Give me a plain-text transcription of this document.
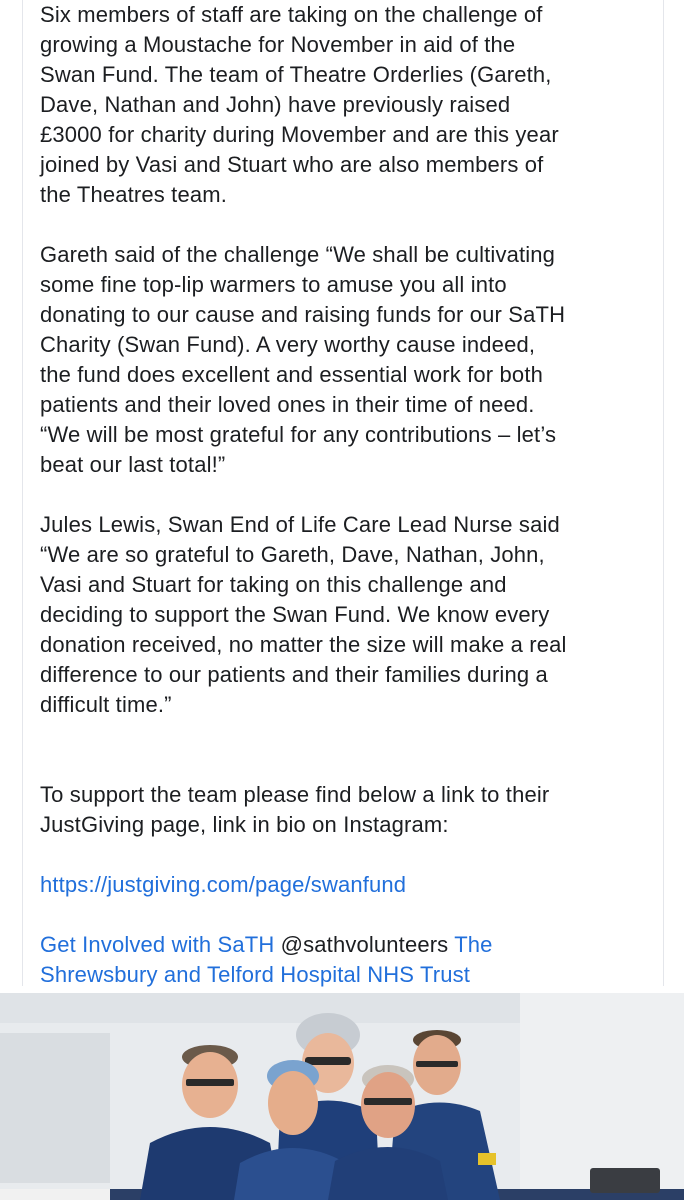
Six members of staff are taking on the challenge of
growing a Moustache for November in aid of the
Swan Fund. The team of Theatre Orderlies (Gareth,
Dave, Nathan and John) have previously raised
£3000 for charity during Movember and are this year
joined by Vasi and Stuart who are also members of
the Theatres team.

Gareth said of the challenge “We shall be cultivating
some fine top-lip warmers to amuse you all into
donating to our cause and raising funds for our SaTH
Charity (Swan Fund). A very worthy cause indeed,
the fund does excellent and essential work for both
patients and their loved ones in their time of need.
“We will be most grateful for any contributions – let’s
beat our last total!”

Jules Lewis, Swan End of Life Care Lead Nurse said
“We are so grateful to Gareth, Dave, Nathan, John,
Vasi and Stuart for taking on this challenge and
deciding to support the Swan Fund. We know every
donation received, no matter the size will make a real
difference to our patients and their families during a
difficult time.”

To support the team please find below a link to their
JustGiving page, link in bio on Instagram:

https://justgiving.com/page/swanfund

Get Involved with SaTH @sathvolunteers The
Shrewsbury and Telford Hospital NHS Trust
